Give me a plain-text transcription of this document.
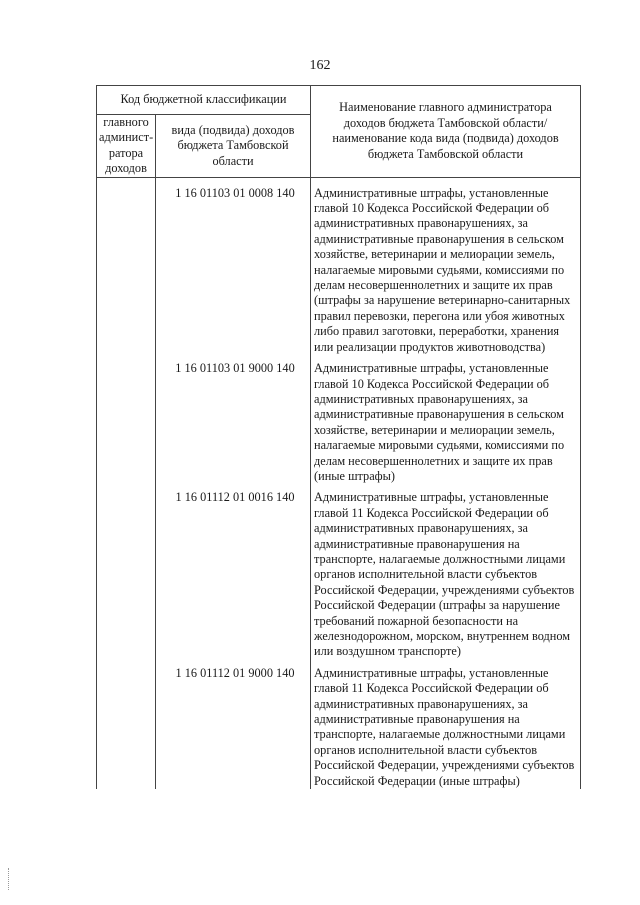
162
Код бюджетной классификации		Наименование главного администратора доходов бюджета Тамбовской области/наименование кода вида (подвида) доходов бюджета Тамбовской области
главного админист-ратора доходов	вида (подвида) доходов бюджета Тамбовской области	
	1 16 01103 01 0008 140	Административные штрафы, установленные главой 10 Кодекса Российской Федерации об административных правонарушениях, за административные правонарушения в сельском хозяйстве, ветеринарии и мелиорации земель, налагаемые мировыми судьями, комиссиями по делам несовершеннолетних и защите их прав (штрафы за нарушение ветеринарно-санитарных правил перевозки, перегона или убоя животных либо правил заготовки, переработки, хранения или реализации продуктов животноводства)
	1 16 01103 01 9000 140	Административные штрафы, установленные главой 10 Кодекса Российской Федерации об административных правонарушениях, за административные правонарушения в сельском хозяйстве, ветеринарии и мелиорации земель, налагаемые мировыми судьями, комиссиями по делам несовершеннолетних и защите их прав (иные штрафы)
	1 16 01112 01 0016 140	Административные штрафы, установленные главой 11 Кодекса Российской Федерации об административных правонарушениях, за административные правонарушения на транспорте, налагаемые должностными лицами органов исполнительной власти субъектов Российской Федерации, учреждениями субъектов Российской Федерации (штрафы за нарушение требований пожарной безопасности на железнодорожном, морском, внутреннем водном или воздушном транспорте)
	1 16 01112 01 9000 140	Административные штрафы, установленные главой 11 Кодекса Российской Федерации об административных правонарушениях, за административные правонарушения на транспорте, налагаемые должностными лицами органов исполнительной власти субъектов Российской Федерации, учреждениями субъектов Российской Федерации (иные штрафы)
